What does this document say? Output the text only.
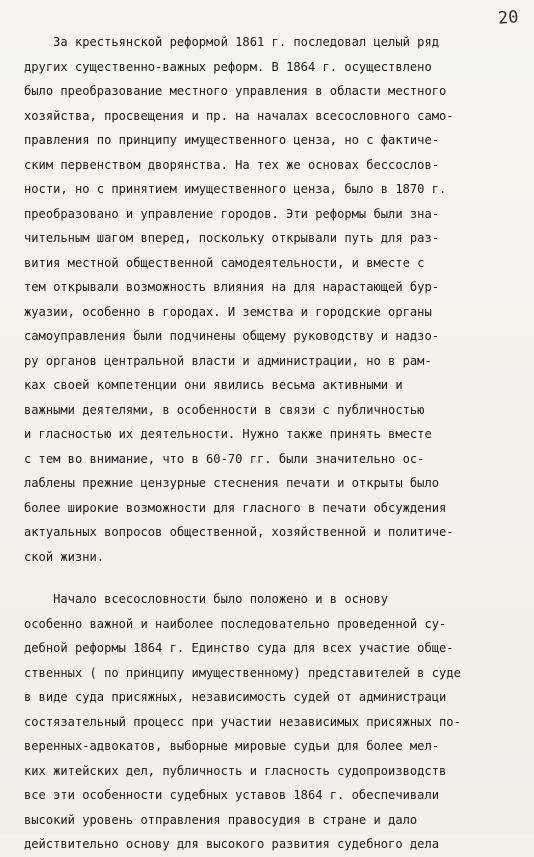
20
За крестьянской реформой 1861 г. последовал целый ряд
других существенно-важных реформ. В 1864 г. осуществлено
было преобразование местного управления в области местного
хозяйства, просвещения и пр. на началах всесословного само-
правления по принципу имущественного ценза, но с фактиче-
ским первенством дворянства. На тех же основах бессослов-
ности, но с принятием имущественного ценза, было в 1870 г.
преобразовано и управление городов. Эти реформы были зна-
чительным шагом вперед, поскольку открывали путь для раз-
вития местной общественной самодеятельности, и вместе с
тем открывали возможность влияния на для нарастающей бур-
жуазии, особенно в городах. И земства и городские органы
самоуправления были подчинены общему руководству и надзо-
ру органов центральной власти и администрации, но в рам-
ках своей компетенции они явились весьма активными и
важными деятелями, в особенности в связи с публичностью
и гласностью их деятельности. Нужно также принять вместе
с тем во внимание, что в 60-70 гг. были значительно ос-
лаблены прежние цензурные стеснения печати и открыты было
более широкие возможности для гласного в печати обсуждения
актуальных вопросов общественной, хозяйственной и политиче-
ской жизни.
Начало всесословности было положено и в основу
особенно важной и наиболее последовательно проведенной су-
дебной реформы 1864 г. Единство суда для всех участие обще-
ственных ( по принципу имущественному) представителей в суде
в виде суда присяжных, независимость судей от администраци
состязательный процесс при участии независимых присяжных по-
веренных-адвокатов, выборные мировые судьи для более мел-
ких житейских дел, публичность и гласность судопроизводств
все эти особенности судебных уставов 1864 г. обеспечивали
высокий уровень отправления правосудия в стране и дало
действительно основу для высокого развития судебного дела
